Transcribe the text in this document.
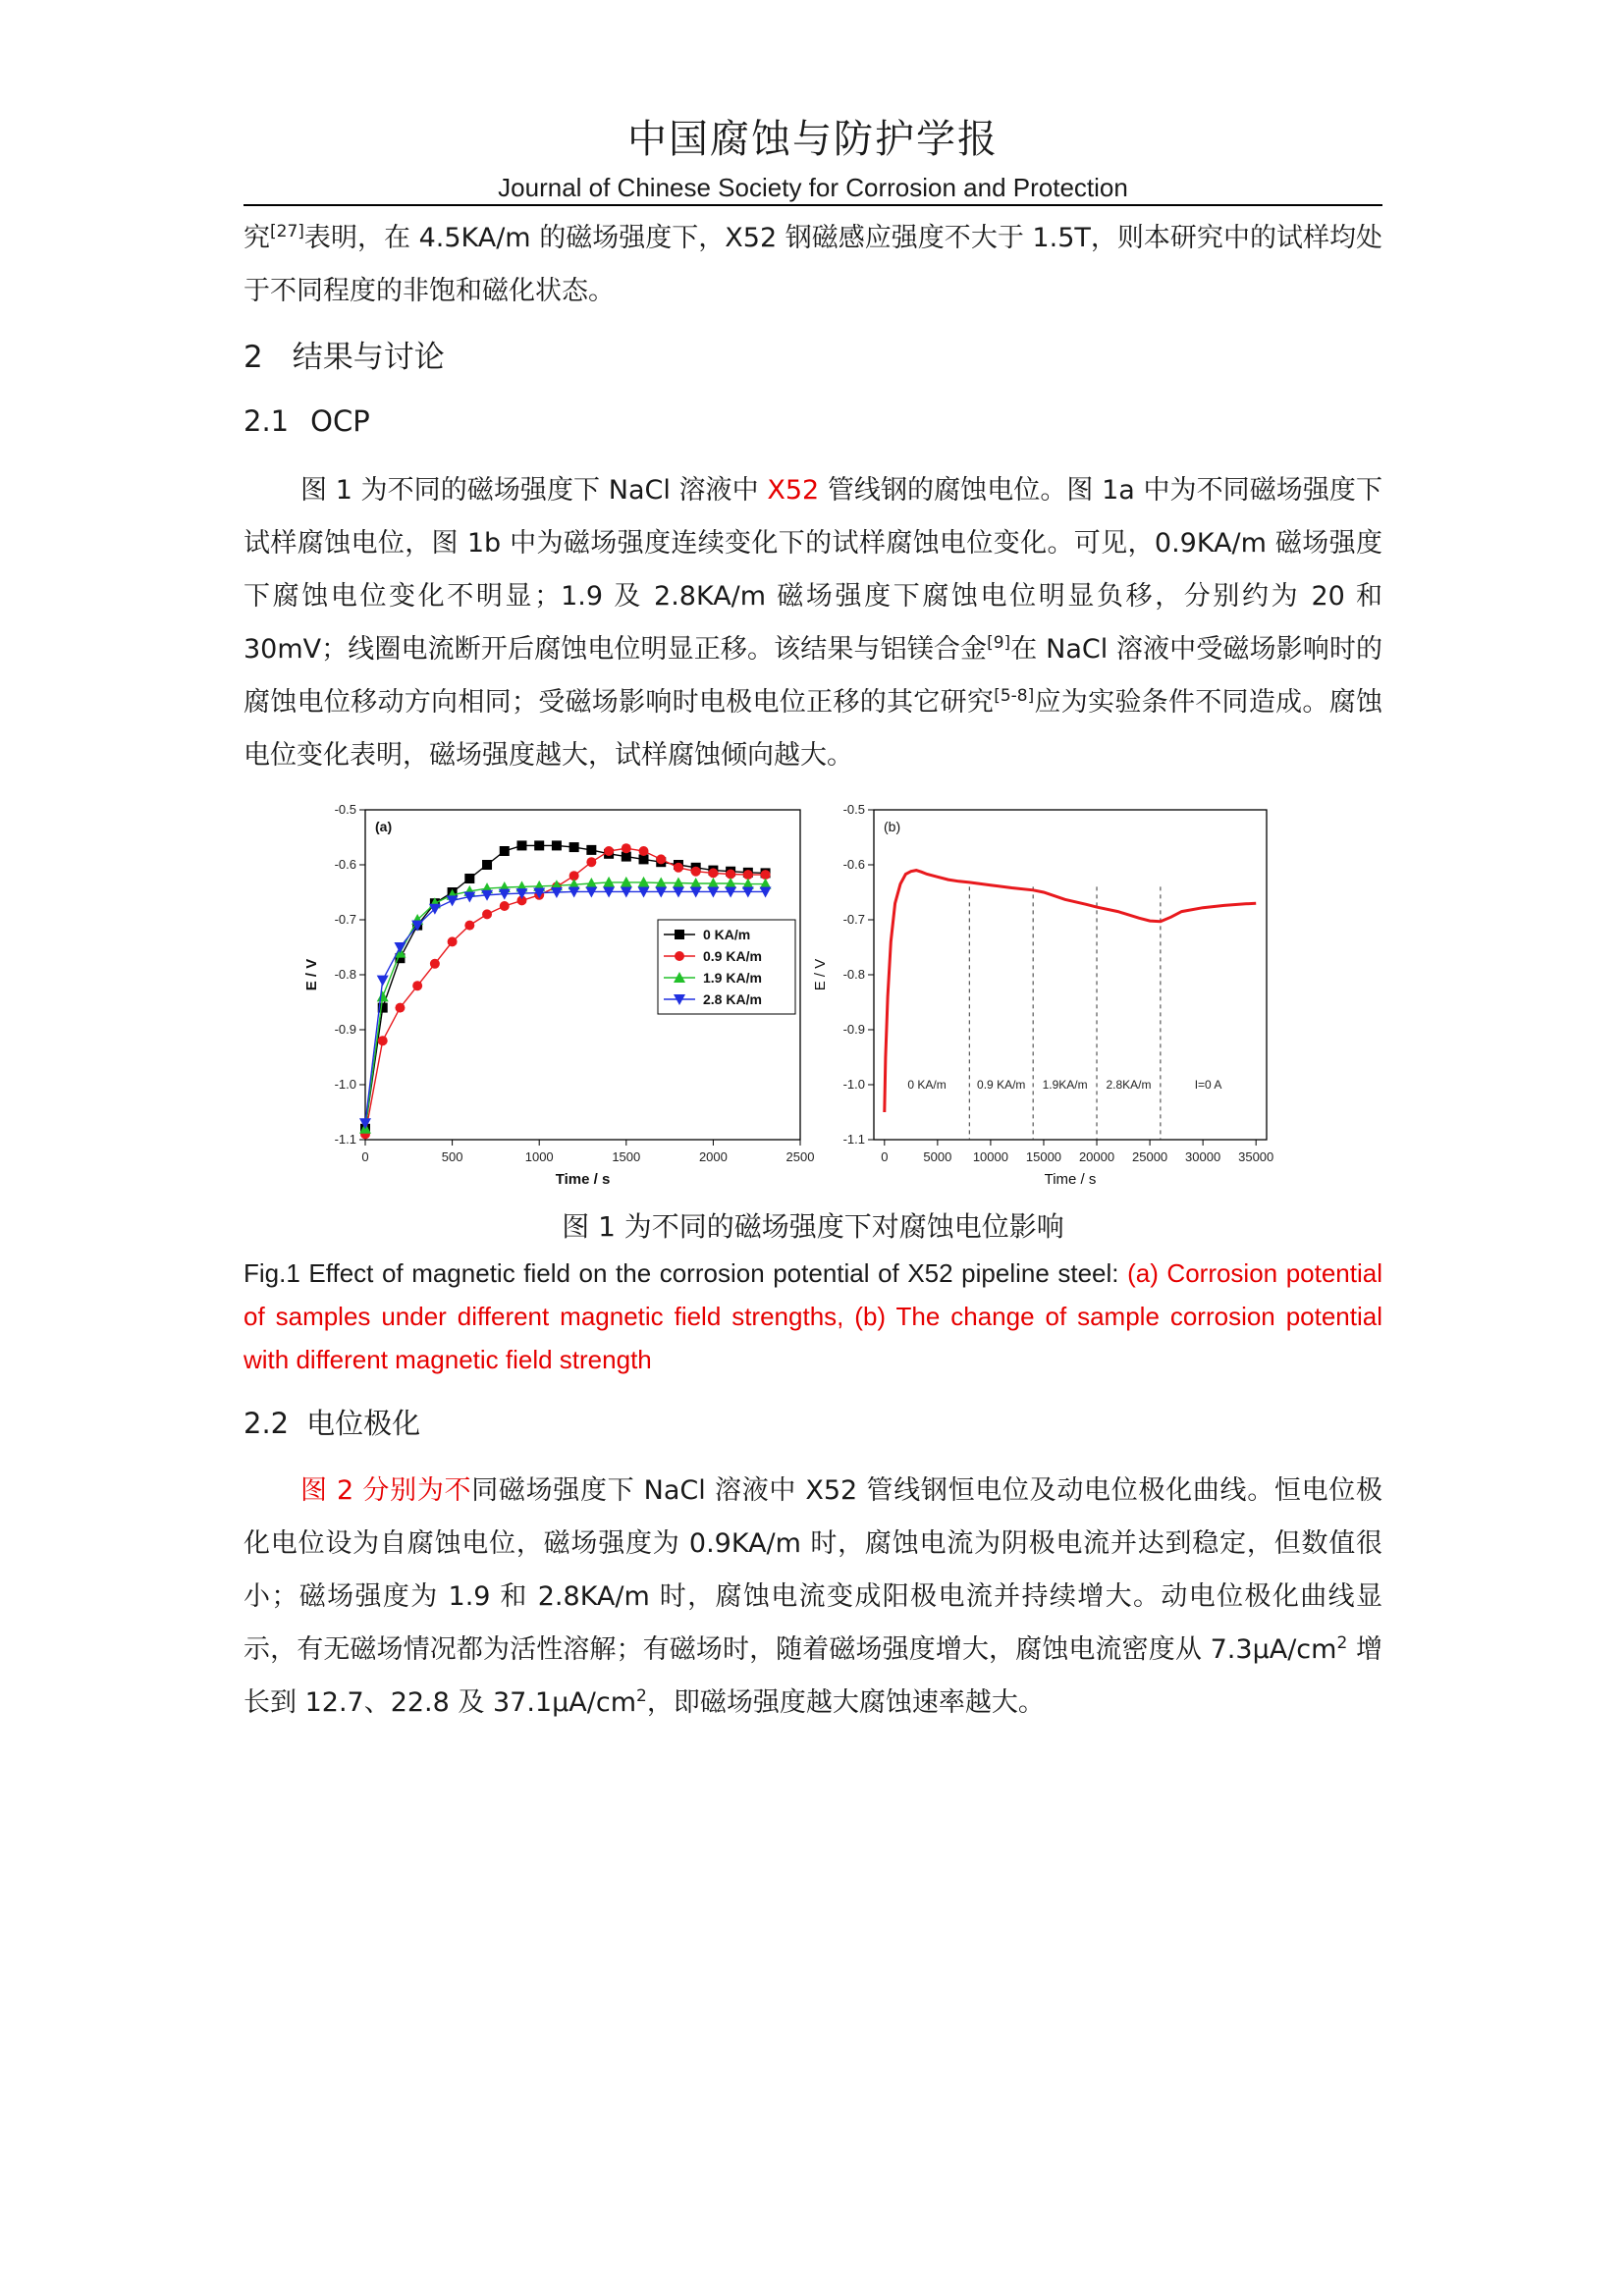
中国腐蚀与防护学报
Journal of Chinese Society for Corrosion and Protection
究[27]表明，在 4.5KA/m 的磁场强度下，X52 钢磁感应强度不大于 1.5T，则本研究中的试样均处于不同程度的非饱和磁化状态。
2 结果与讨论
2.1 OCP
图 1 为不同的磁场强度下 NaCl 溶液中 X52 管线钢的腐蚀电位。图 1a 中为不同磁场强度下试样腐蚀电位，图 1b 中为磁场强度连续变化下的试样腐蚀电位变化。可见，0.9KA/m 磁场强度下腐蚀电位变化不明显；1.9 及 2.8KA/m 磁场强度下腐蚀电位明显负移，分别约为 20 和 30mV；线圈电流断开后腐蚀电位明显正移。该结果与铝镁合金[9]在 NaCl 溶液中受磁场影响时的腐蚀电位移动方向相同；受磁场影响时电极电位正移的其它研究[5-8]应为实验条件不同造成。腐蚀电位变化表明，磁场强度越大，试样腐蚀倾向越大。
0	500	1000	1500	2000	2500
-0.5
-0.6
-0.7
-0.8
-0.9
-1.0
-1.1
Time / s
E / V
(a)
0 KA/m
0.9 KA/m
1.9 KA/m
2.8 KA/m
0	5000 10000 15000 20000 25000 30000 35000
-0.5
-0.6
-0.7
-0.8
-0.9
-1.0
-1.1
Time / s
E / V
(b)
0 KA/m	0.9 KA/m 1.9KA/m 2.8KA/m	I=0 A
图 1 为不同的磁场强度下对腐蚀电位影响
Fig.1 Effect of magnetic field on the corrosion potential of X52 pipeline steel: (a) Corrosion potential of samples under different magnetic field strengths, (b) The change of sample corrosion potential with different magnetic field strength
2.2 电位极化
图 2 分别为不同磁场强度下 NaCl 溶液中 X52 管线钢恒电位及动电位极化曲线。恒电位极化电位设为自腐蚀电位，磁场强度为 0.9KA/m 时，腐蚀电流为阴极电流并达到稳定，但数值很小；磁场强度为 1.9 和 2.8KA/m 时，腐蚀电流变成阳极电流并持续增大。动电位极化曲线显示，有无磁场情况都为活性溶解；有磁场时，随着磁场强度增大，腐蚀电流密度从 $7.3\mu A/cm^2$ 增长到 12.7、22.8 及 $37.1\mu A/cm^2$，即磁场强度越大腐蚀速率越大。
